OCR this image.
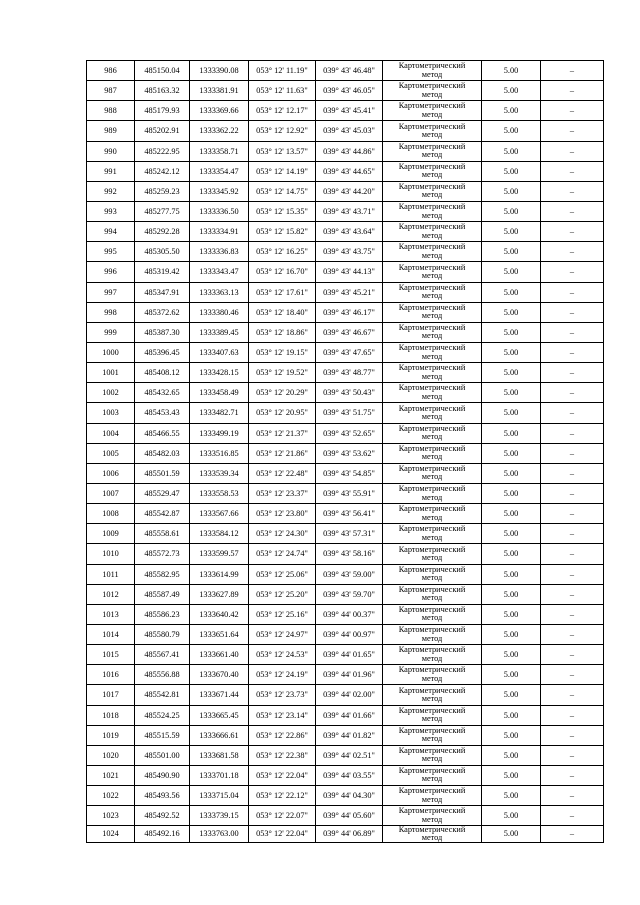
986	485150.04	1333390.08	053° 12' 11.19"	039° 43' 46.48"	Картометрический
метод	5.00	–
987	485163.32	1333381.91	053° 12' 11.63"	039° 43' 46.05"	Картометрический
метод	5.00	–
988	485179.93	1333369.66	053° 12' 12.17"	039° 43' 45.41"	Картометрический
метод	5.00	–
989	485202.91	1333362.22	053° 12' 12.92"	039° 43' 45.03"	Картометрический
метод	5.00	–
990	485222.95	1333358.71	053° 12' 13.57"	039° 43' 44.86"	Картометрический
метод	5.00	–
991	485242.12	1333354.47	053° 12' 14.19"	039° 43' 44.65"	Картометрический
метод	5.00	–
992	485259.23	1333345.92	053° 12' 14.75"	039° 43' 44.20"	Картометрический
метод	5.00	–
993	485277.75	1333336.50	053° 12' 15.35"	039° 43' 43.71"	Картометрический
метод	5.00	–
994	485292.28	1333334.91	053° 12' 15.82"	039° 43' 43.64"	Картометрический
метод	5.00	–
995	485305.50	1333336.83	053° 12' 16.25"	039° 43' 43.75"	Картометрический
метод	5.00	–
996	485319.42	1333343.47	053° 12' 16.70"	039° 43' 44.13"	Картометрический
метод	5.00	–
997	485347.91	1333363.13	053° 12' 17.61"	039° 43' 45.21"	Картометрический
метод	5.00	–
998	485372.62	1333380.46	053° 12' 18.40"	039° 43' 46.17"	Картометрический
метод	5.00	–
999	485387.30	1333389.45	053° 12' 18.86"	039° 43' 46.67"	Картометрический
метод	5.00	–
1000	485396.45	1333407.63	053° 12' 19.15"	039° 43' 47.65"	Картометрический
метод	5.00	–
1001	485408.12	1333428.15	053° 12' 19.52"	039° 43' 48.77"	Картометрический
метод	5.00	–
1002	485432.65	1333458.49	053° 12' 20.29"	039° 43' 50.43"	Картометрический
метод	5.00	–
1003	485453.43	1333482.71	053° 12' 20.95"	039° 43' 51.75"	Картометрический
метод	5.00	–
1004	485466.55	1333499.19	053° 12' 21.37"	039° 43' 52.65"	Картометрический
метод	5.00	–
1005	485482.03	1333516.85	053° 12' 21.86"	039° 43' 53.62"	Картометрический
метод	5.00	–
1006	485501.59	1333539.34	053° 12' 22.48"	039° 43' 54.85"	Картометрический
метод	5.00	–
1007	485529.47	1333558.53	053° 12' 23.37"	039° 43' 55.91"	Картометрический
метод	5.00	–
1008	485542.87	1333567.66	053° 12' 23.80"	039° 43' 56.41"	Картометрический
метод	5.00	–
1009	485558.61	1333584.12	053° 12' 24.30"	039° 43' 57.31"	Картометрический
метод	5.00	–
1010	485572.73	1333599.57	053° 12' 24.74"	039° 43' 58.16"	Картометрический
метод	5.00	–
1011	485582.95	1333614.99	053° 12' 25.06"	039° 43' 59.00"	Картометрический
метод	5.00	–
1012	485587.49	1333627.89	053° 12' 25.20"	039° 43' 59.70"	Картометрический
метод	5.00	–
1013	485586.23	1333640.42	053° 12' 25.16"	039° 44' 00.37"	Картометрический
метод	5.00	–
1014	485580.79	1333651.64	053° 12' 24.97"	039° 44' 00.97"	Картометрический
метод	5.00	–
1015	485567.41	1333661.40	053° 12' 24.53"	039° 44' 01.65"	Картометрический
метод	5.00	–
1016	485556.88	1333670.40	053° 12' 24.19"	039° 44' 01.96"	Картометрический
метод	5.00	–
1017	485542.81	1333671.44	053° 12' 23.73"	039° 44' 02.00"	Картометрический
метод	5.00	–
1018	485524.25	1333665.45	053° 12' 23.14"	039° 44' 01.66"	Картометрический
метод	5.00	–
1019	485515.59	1333666.61	053° 12' 22.86"	039° 44' 01.82"	Картометрический
метод	5.00	–
1020	485501.00	1333681.58	053° 12' 22.38"	039° 44' 02.51"	Картометрический
метод	5.00	–
1021	485490.90	1333701.18	053° 12' 22.04"	039° 44' 03.55"	Картометрический
метод	5.00	–
1022	485493.56	1333715.04	053° 12' 22.12"	039° 44' 04.30"	Картометрический
метод	5.00	–
1023	485492.52	1333739.15	053° 12' 22.07"	039° 44' 05.60"	Картометрический
метод	5.00	–
1024	485492.16	1333763.00	053° 12' 22.04"	039° 44' 06.89"	Картометрический
метод	5.00	–
